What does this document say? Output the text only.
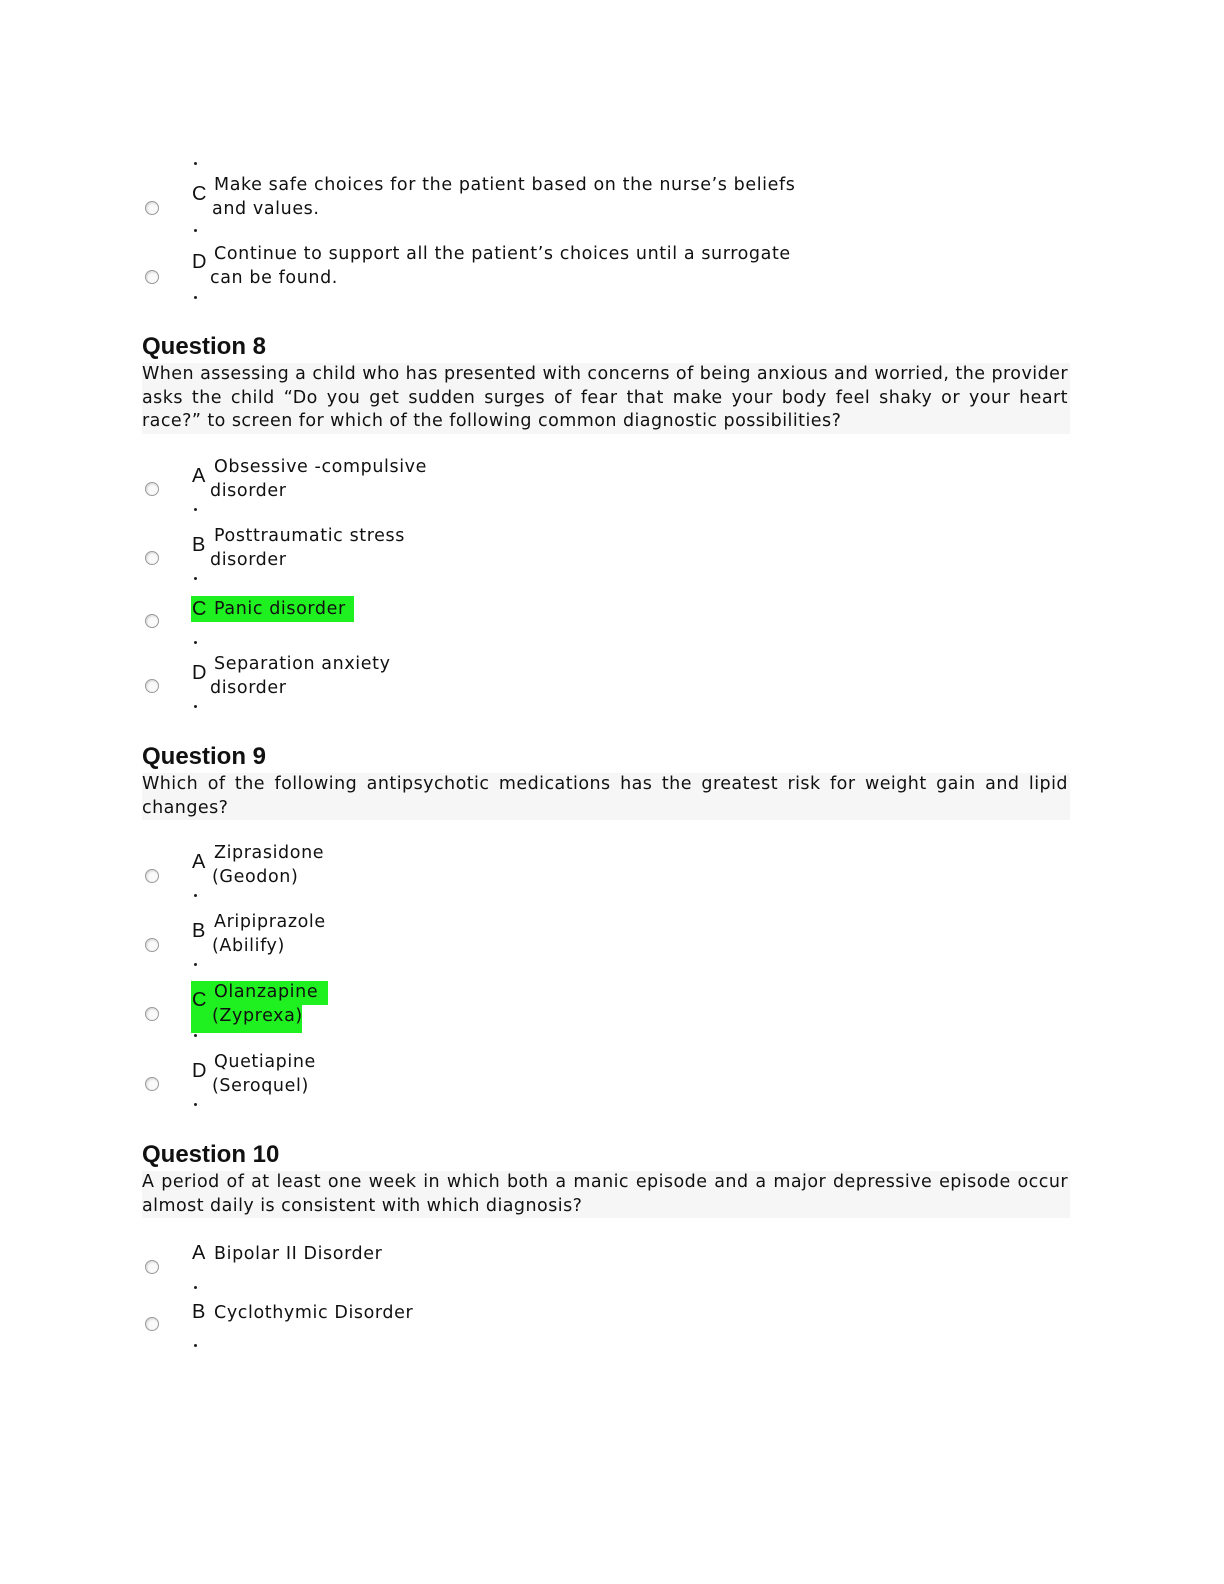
C Make safe choices for the patient based on the nurse’s beliefs
and values.
D Continue to support all the patient’s choices until a surrogate
can be found.
Question 8
When assessing a child who has presented with concerns of being anxious and worried, the provider asks the child “Do you get sudden surges of fear that make your body feel shaky or your heart race?” to screen for which of the following common diagnostic possibilities?
A Obsessive -compulsive
disorder
B Posttraumatic stress
disorder
C Panic disorder
D Separation anxiety
disorder
Question 9
Which of the following antipsychotic medications has the greatest risk for weight gain and lipid changes?
A Ziprasidone
(Geodon)
B Aripiprazole
(Abilify)
C Olanzapine
(Zyprexa)
D Quetiapine
(Seroquel)
Question 10
A period of at least one week in which both a manic episode and a major depressive episode occur almost daily is consistent with which diagnosis?
A Bipolar II Disorder
B Cyclothymic Disorder
